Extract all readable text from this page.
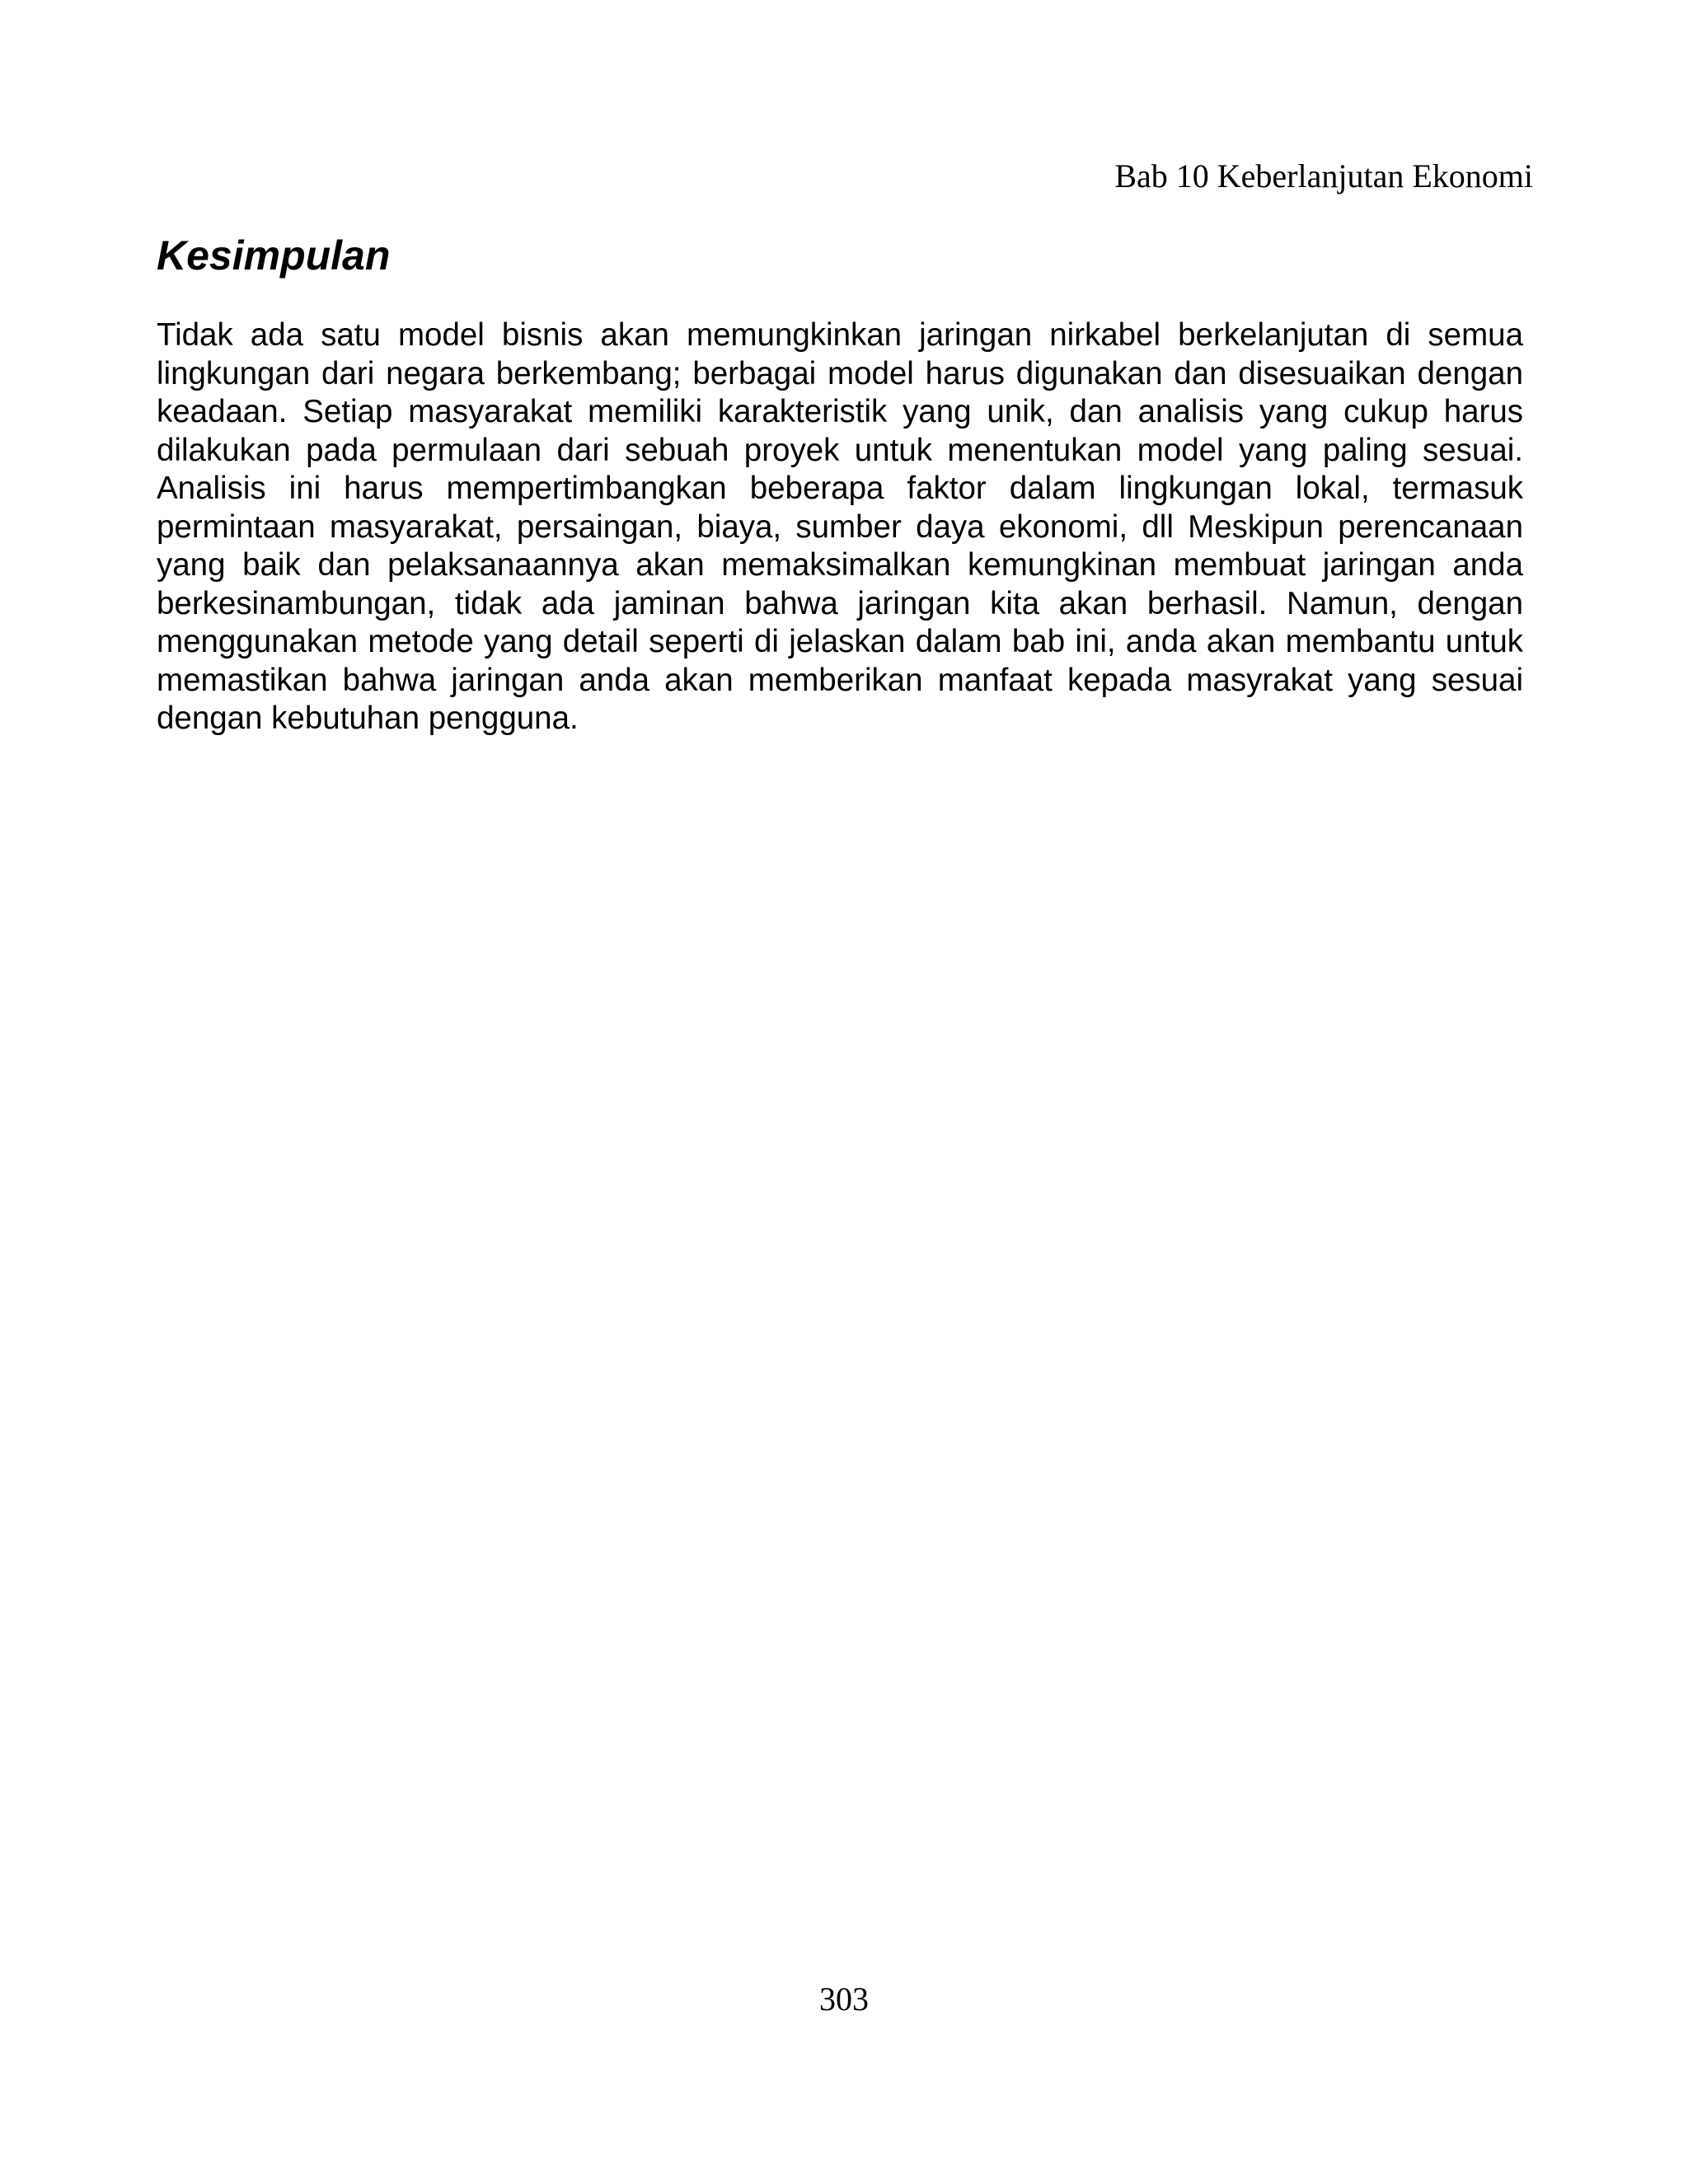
Bab 10 Keberlanjutan Ekonomi
Kesimpulan

Tidak ada satu model bisnis akan memungkinkan jaringan nirkabel berkelanjutan di semua lingkungan dari negara berkembang; berbagai model harus digunakan dan disesuaikan dengan keadaan. Setiap masyarakat memiliki karakteristik yang unik, dan analisis yang cukup harus dilakukan pada permulaan dari sebuah proyek untuk menentukan model yang paling sesuai. Analisis ini harus mempertimbangkan beberapa faktor dalam lingkungan lokal, termasuk permintaan masyarakat, persaingan, biaya, sumber daya ekonomi, dll Meskipun perencanaan yang baik dan pelaksanaannya akan memaksimalkan kemungkinan membuat jaringan anda berkesinambungan, tidak ada jaminan bahwa jaringan kita akan berhasil. Namun, dengan menggunakan metode yang detail seperti di jelaskan dalam bab ini, anda akan membantu untuk memastikan bahwa jaringan anda akan memberikan manfaat kepada masyrakat yang sesuai dengan kebutuhan pengguna.

303
